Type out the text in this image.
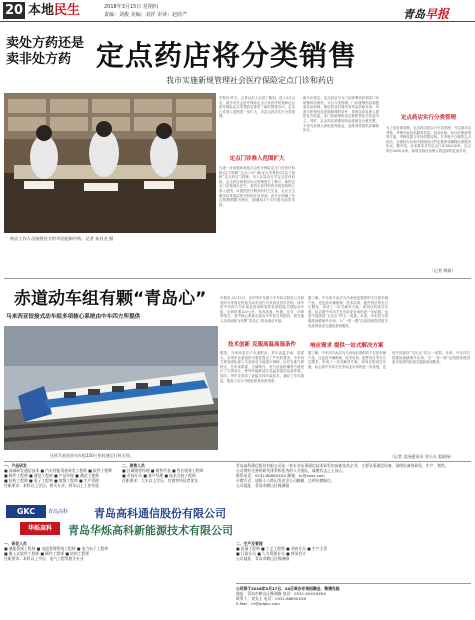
20 本地民生	2018年3月15日 星期四
责编：刘俊 美编：刘祥 审读：赵欣严	青岛早报
卖处方药还是
卖非处方药 定点药店将分类销售
我市实施新规管理社会医疗保险定点门诊和药店
药店工作人员按照处方给市民配制中药。记者 孙启龙 摄
早报讯 昨天，记者从市人社局了解到，进入3月以后，我市对社会医疗保险定点门诊医疗机构和社会医疗保险定点零售药店使用了新的管理办法。定点门诊准入范围进一步扩大，对定点药店实行分类管理。
定点门诊准入范围扩大
为进一步加强和规范社会医疗保险定点门诊医疗机构(以下简称“定点门诊”)和定点零售药店(以下简称“定点药店”)管理，市人社局近日对定点医疗机构、定点药店的相关协议管理进行了修订。新的定点门诊管理办法中，将符合条件的医疗机构均纳入准入范围，对提供医疗服务的村卫生室、社区卫生服务站等基层医疗机构开放申请。此外还明确了协议管理期限为两年，期满前3个月内提出续签申请。
新办法规定，定点药店分为门诊统筹药店和非门诊统筹药店两类，实行分类管理。门诊统筹药店需配备执业药师，保证营业时间内有执业药师在岗；具备与医保信息系统联网的条件；按规定向参保人提供处方药品。非门诊统筹药店以销售非处方药品为主。同时，定点药店须做到药品进销存台账完整，不得为参保人套取医保基金，违规者将被依法解除协议。
定点药店实行分类管理
为了更好地管理，定点药店将实行分类管理，并实施动态考核。考核内容包括服务质量、药品价格、执行医保政策等方面，考核结果与年终清算挂钩。对考核不合格的定点药店，社保经办机构可按照协议约定暂停或解除医保服务协议。据介绍，目前我市共有定点门诊1800余家，定点药店3000余家，新规实施后参保人的选择将更加多样。
（记者 林娟）
赤道动车组有颗“青岛心”
马来西亚铰接式动车组多项核心系统由中车四方所提供
这列马来西亚动车组120公里时速运行时无须。
早报讯 3月13日，由中国中车旗下中车四方股份公司研发的马来西亚铰接式动车组在马来西亚首次亮相。该车是中车四方为东南亚国家研发的首款铰接式城际动车组，运营时速120公里，具有高速、快捷、安全、环保等特点，其中核心系统全部由中车四方所提供，被当地人亲切地称为有颗“青岛心”的赤道动车组。
技术创新 克服高温高湿条件
据悉，马来西亚位于赤道附近，常年高温多雨，湿度大，对列车各系统的可靠性提出了严苛的要求。中车四方研发团队深入马来西亚当地进行调研，针对当地气候特点，在车体防腐、空调制冷、电气设备防潮等方面进行了专项设计，使列车能够适应高温高湿的运营环境。同时，列车还采用了铰接式转向架技术，减轻了车体重量，提高了运行平稳性和乘坐舒适度。
据了解，中车四方此次为马来西亚提供的不仅是车辆产品，还包括车辆维保、技术培训、配件供应等全方位服务，形成了一站式解决方案。该项目的成功实施，标志着中车四方在东南亚市场的进一步拓展，也是中国高铁“走出去”的又一成果。未来，中车四方将继续深耕海外市场，为“一带一路”沿线国家提供更多优质的轨道交通装备和服务。
响应需求 提供一站式解决方案
据了解，中车四方此次为马来西亚提供的不仅是车辆产品，还包括车辆维保、技术培训、配件供应等全方位服务，形成了一站式解决方案。该项目的成功实施，标志着中车四方在东南亚市场的进一步拓展，也是中国高铁“走出去”的又一成果。未来，中车四方将继续深耕海外市场，为“一带一路”沿线国家提供更多优质的轨道交通装备和服务。
（记者 吴泽通讯员 刘小凡 姜联杨）
一、产品研发
■ 高端研发通信技术 ■ 汽车智能驾驶研发工程师 ■ 软件工程师
■ 硬件工程师 ■ 通信工程师 ■ 产品经理 ■ 测试工程师
■ 结构工程师 ■ 电子工程师 ■ 射频工程师 ■ 生产管理
任职要求：本科以上学历，相关专业，两年以上工作经验
二、销售人员
■ 区域销售经理 ■ 销售代表 ■ 售后服务工程师
■ 市场专员 ■ 客户经理 ■ 技术支持工程师
任职要求：大专以上学历，有销售经验者优先
青岛高科通信股份有限公司是一家专业从事通信技术研发的高新技术企业，主要从事通信设备、网络设备的研发、生产、销售。
公司拥有完善的研发体系和优秀的人才团队，诚邀有志之士加入。
联系电话：0532-8888XXXX 邮箱：hr@xxxx.com
应聘方式：请将个人简历发送至公司邮箱，注明应聘职位。
公司地址：青岛市崂山区株洲路
GKC	青岛高科 青岛高科通信股份有限公司
华烁高科	青岛华烁高科新能源技术有限公司
一、研发人员
■ 储能系统工程师 ■ 电池管理系统工程师 ■ 电力电子工程师
■ 嵌入式软件工程师 ■ 硬件工程师 ■ 结构工程师
任职要求：本科以上学历，电气工程等相关专业
二、生产及管理
■ 质量工程师 ■ 工艺工程师 ■ 采购专员 ■ 生产主管
■ 行政专员 ■ 人力资源专员 ■ 财务会计
公司地址：青岛市崂山区株洲路
公司将于2018年3月17日、24日举办专场招聘会，敬请光临
地址：青岛市崂山区株洲路 电话：0532-XXXXXXXX
联系人：刘女士 电话：0532-8889XXXX
E-Mail：hr@qdgkc.com
